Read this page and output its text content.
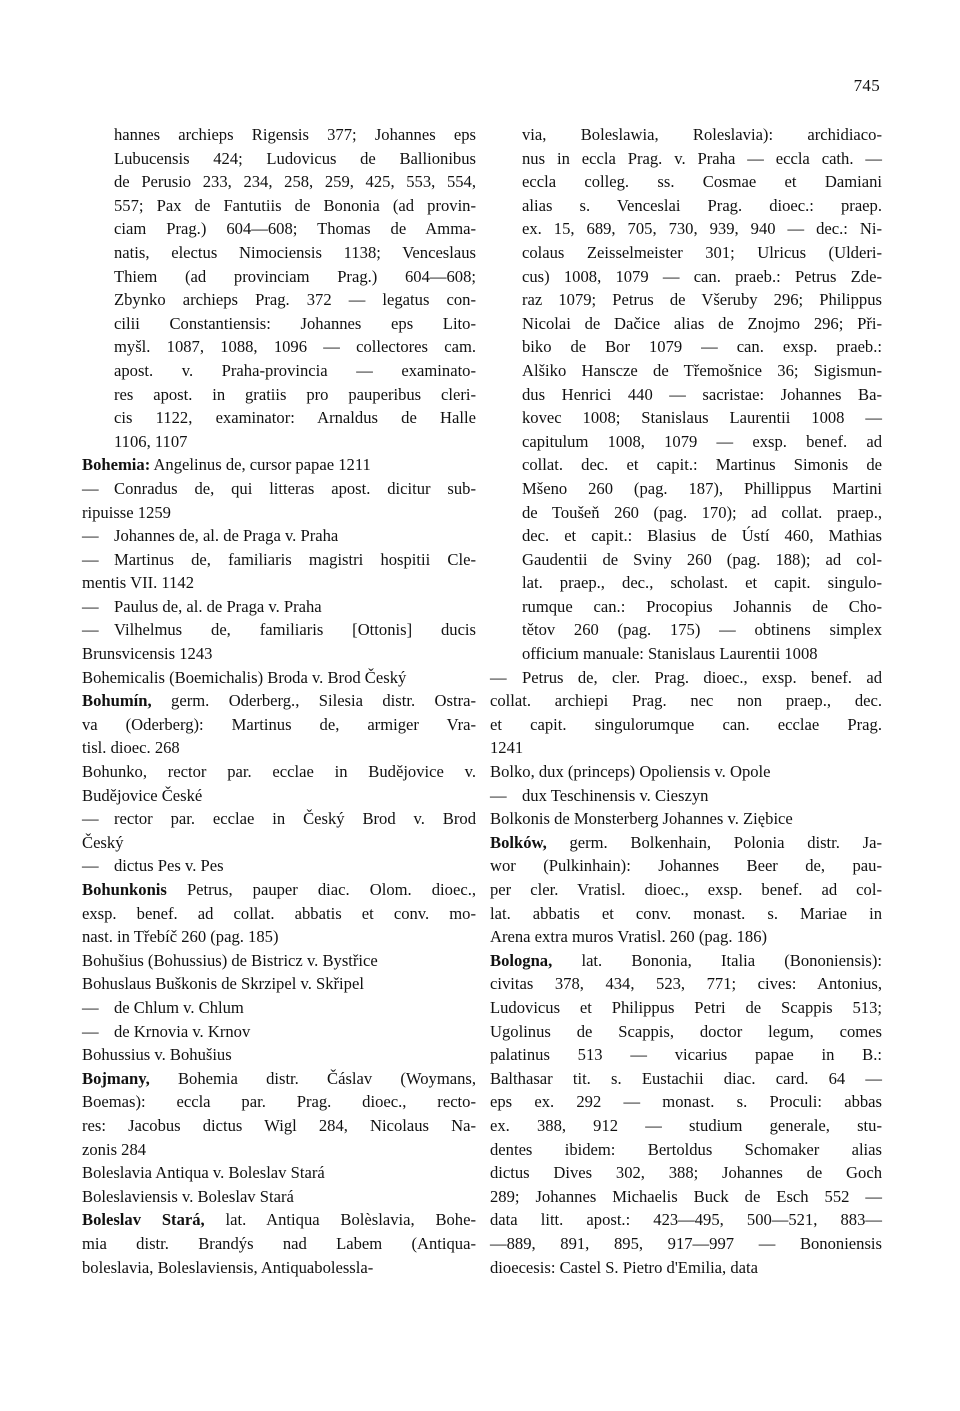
745
hannes archieps Rigensis 377; Johannes eps
Lubucensis 424; Ludovicus de Ballionibus
de Perusio 233, 234, 258, 259, 425, 553, 554,
557; Pax de Fantutiis de Bononia (ad provin-
ciam Prag.) 604—608; Thomas de Amma-
natis, electus Nimociensis 1138; Venceslaus
Thiem (ad provinciam Prag.) 604—608;
Zbynko archieps Prag. 372 — legatus con-
cilii Constantiensis: Johannes eps Lito-
myšl. 1087, 1088, 1096 — collectores cam.
apost. v. Praha-provincia — examinato-
res apost. in gratiis pro pauperibus cleri-
cis 1122, examinator: Arnaldus de Halle
1106, 1107
Bohemia: Angelinus de, cursor papae 1211
— Conradus de, qui litteras apost. dicitur sub-
ripuisse 1259
— Johannes de, al. de Praga v. Praha
— Martinus de, familiaris magistri hospitii Cle-
mentis VII. 1142
— Paulus de, al. de Praga v. Praha
— Vilhelmus de, familiaris [Ottonis] ducis
Brunsvicensis 1243
Bohemicalis (Boemichalis) Broda v. Brod Český
Bohumín, germ. Oderberg., Silesia distr. Ostra-
va (Oderberg): Martinus de, armiger Vra-
tisl. dioec. 268
Bohunko, rector par. ecclae in Budějovice v.
Budějovice České
— rector par. ecclae in Český Brod v. Brod
Český
— dictus Pes v. Pes
Bohunkonis Petrus, pauper diac. Olom. dioec.,
exsp. benef. ad collat. abbatis et conv. mo-
nast. in Třebíč 260 (pag. 185)
Bohušius (Bohussius) de Bistricz v. Bystřice
Bohuslaus Buškonis de Skrzipel v. Skřipel
— de Chlum v. Chlum
— de Krnovia v. Krnov
Bohussius v. Bohušius
Bojmany, Bohemia distr. Čáslav (Woymans,
Boemas): eccla par. Prag. dioec., recto-
res: Jacobus dictus Wigl 284, Nicolaus Na-
zonis 284
Boleslavia Antiqua v. Boleslav Stará
Boleslaviensis v. Boleslav Stará
Boleslav Stará, lat. Antiqua Bolèslavia, Bohe-
mia distr. Brandýs nad Labem (Antiqua-
boleslavia, Boleslaviensis, Antiquabolessla-
via, Boleslawia, Roleslavia): archidiaco-
nus in eccla Prag. v. Praha — eccla cath. —
eccla colleg. ss. Cosmae et Damiani
alias s. Venceslai Prag. dioec.: praep.
ex. 15, 689, 705, 730, 939, 940 — dec.: Ni-
colaus Zeisselmeister 301; Ulricus (Ulderi-
cus) 1008, 1079 — can. praeb.: Petrus Zde-
raz 1079; Petrus de Všeruby 296; Philippus
Nicolai de Dačice alias de Znojmo 296; Při-
biko de Bor 1079 — can. exsp. praeb.:
Alšiko Hanscze de Třemošnice 36; Sigismun-
dus Henrici 440 — sacristae: Johannes Ba-
kovec 1008; Stanislaus Laurentii 1008 —
capitulum 1008, 1079 — exsp. benef. ad
collat. dec. et capit.: Martinus Simonis de
Mšeno 260 (pag. 187), Phillippus Martini
de Toušeň 260 (pag. 170); ad collat. praep.,
dec. et capit.: Blasius de Ústí 460, Mathias
Gaudentii de Sviny 260 (pag. 188); ad col-
lat. praep., dec., scholast. et capit. singulo-
rumque can.: Procopius Johannis de Cho-
tětov 260 (pag. 175) — obtinens simplex
officium manuale: Stanislaus Laurentii 1008
— Petrus de, cler. Prag. dioec., exsp. benef. ad
collat. archiepi Prag. nec non praep., dec.
et capit. singulorumque can. ecclae Prag.
1241
Bolko, dux (princeps) Opoliensis v. Opole
— dux Teschinensis v. Cieszyn
Bolkonis de Monsterberg Johannes v. Ziębice
Bolków, germ. Bolkenhain, Polonia distr. Ja-
wor (Pulkinhain): Johannes Beer de, pau-
per cler. Vratisl. dioec., exsp. benef. ad col-
lat. abbatis et conv. monast. s. Mariae in
Arena extra muros Vratisl. 260 (pag. 186)
Bologna, lat. Bononia, Italia (Bononiensis):
civitas 378, 434, 523, 771; cives: Antonius,
Ludovicus et Philippus Petri de Scappis 513;
Ugolinus de Scappis, doctor legum, comes
palatinus 513 — vicarius papae in B.:
Balthasar tit. s. Eustachii diac. card. 64 —
eps ex. 292 — monast. s. Proculi: abbas
ex. 388, 912 — studium generale, stu-
dentes ibidem: Bertoldus Schomaker alias
dictus Dives 302, 388; Johannes de Goch
289; Johannes Michaelis Buck de Esch 552 —
data litt. apost.: 423—495, 500—521, 883—
—889, 891, 895, 917—997 — Bononiensis
dioecesis: Castel S. Pietro d'Emilia, data
